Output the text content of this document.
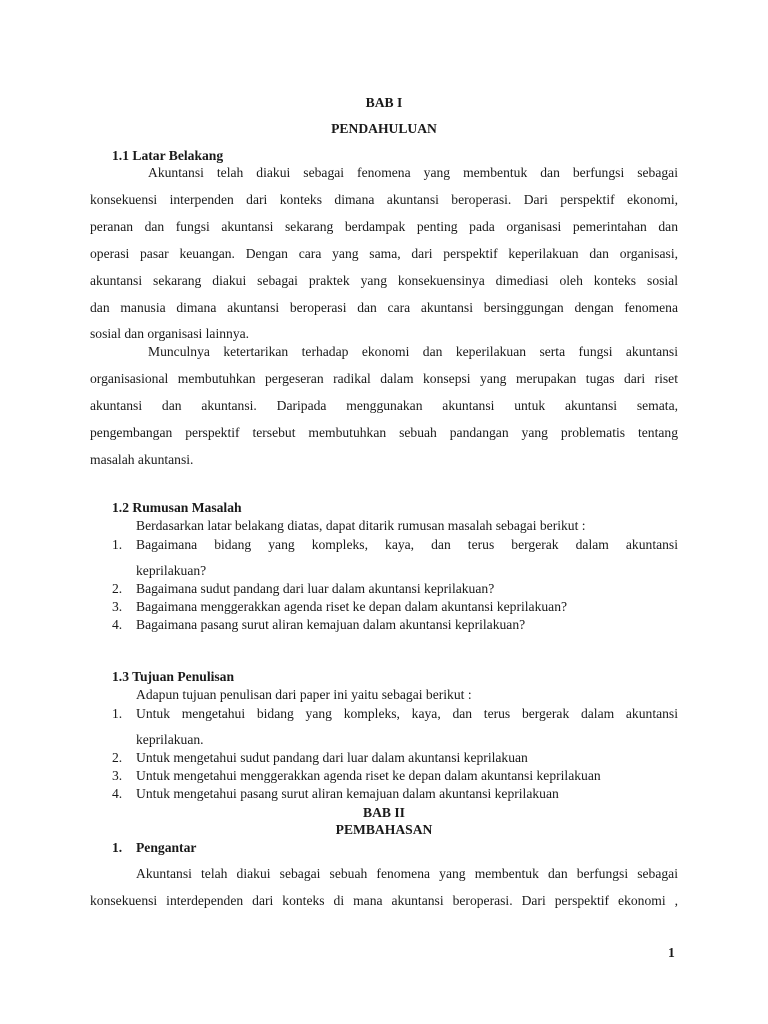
BAB I
PENDAHULUAN
1.1 Latar Belakang
Akuntansi telah diakui sebagai fenomena yang membentuk dan berfungsi sebagai
konsekuensi interpenden dari konteks dimana akuntansi beroperasi. Dari perspektif ekonomi,
peranan dan fungsi akuntansi sekarang berdampak penting pada organisasi pemerintahan dan
operasi pasar keuangan. Dengan cara yang sama, dari perspektif keperilakuan dan organisasi,
akuntansi sekarang diakui sebagai praktek yang konsekuensinya dimediasi oleh konteks sosial
dan manusia dimana akuntansi beroperasi dan cara akuntansi bersinggungan dengan fenomena
sosial dan organisasi lainnya.
Munculnya ketertarikan terhadap ekonomi dan keperilakuan serta fungsi akuntansi
organisasional membutuhkan pergeseran radikal dalam konsepsi yang merupakan tugas dari riset
akuntansi dan akuntansi. Daripada menggunakan akuntansi untuk akuntansi semata,
pengembangan perspektif tersebut membutuhkan sebuah pandangan yang problematis tentang
masalah akuntansi.
1.2 Rumusan Masalah
Berdasarkan latar belakang diatas, dapat ditarik rumusan masalah sebagai berikut :
1. Bagaimana bidang yang kompleks, kaya, dan terus bergerak dalam akuntansi
keprilakuan?
2. Bagaimana sudut pandang dari luar dalam akuntansi keprilakuan?
3. Bagaimana menggerakkan agenda riset ke depan dalam akuntansi keprilakuan?
4. Bagaimana pasang surut aliran kemajuan dalam akuntansi keprilakuan?
1.3 Tujuan Penulisan
Adapun tujuan penulisan dari paper ini yaitu sebagai berikut :
1. Untuk mengetahui bidang yang kompleks, kaya, dan terus bergerak dalam akuntansi
keprilakuan.
2. Untuk mengetahui sudut pandang dari luar dalam akuntansi keprilakuan
3. Untuk mengetahui menggerakkan agenda riset ke depan dalam akuntansi keprilakuan
4. Untuk mengetahui pasang surut aliran kemajuan dalam akuntansi keprilakuan
BAB II
PEMBAHASAN
1. Pengantar
Akuntansi telah diakui sebagai sebuah fenomena yang membentuk dan berfungsi sebagai
konsekuensi interdependen dari konteks di mana akuntansi beroperasi. Dari perspektif ekonomi ,
1
